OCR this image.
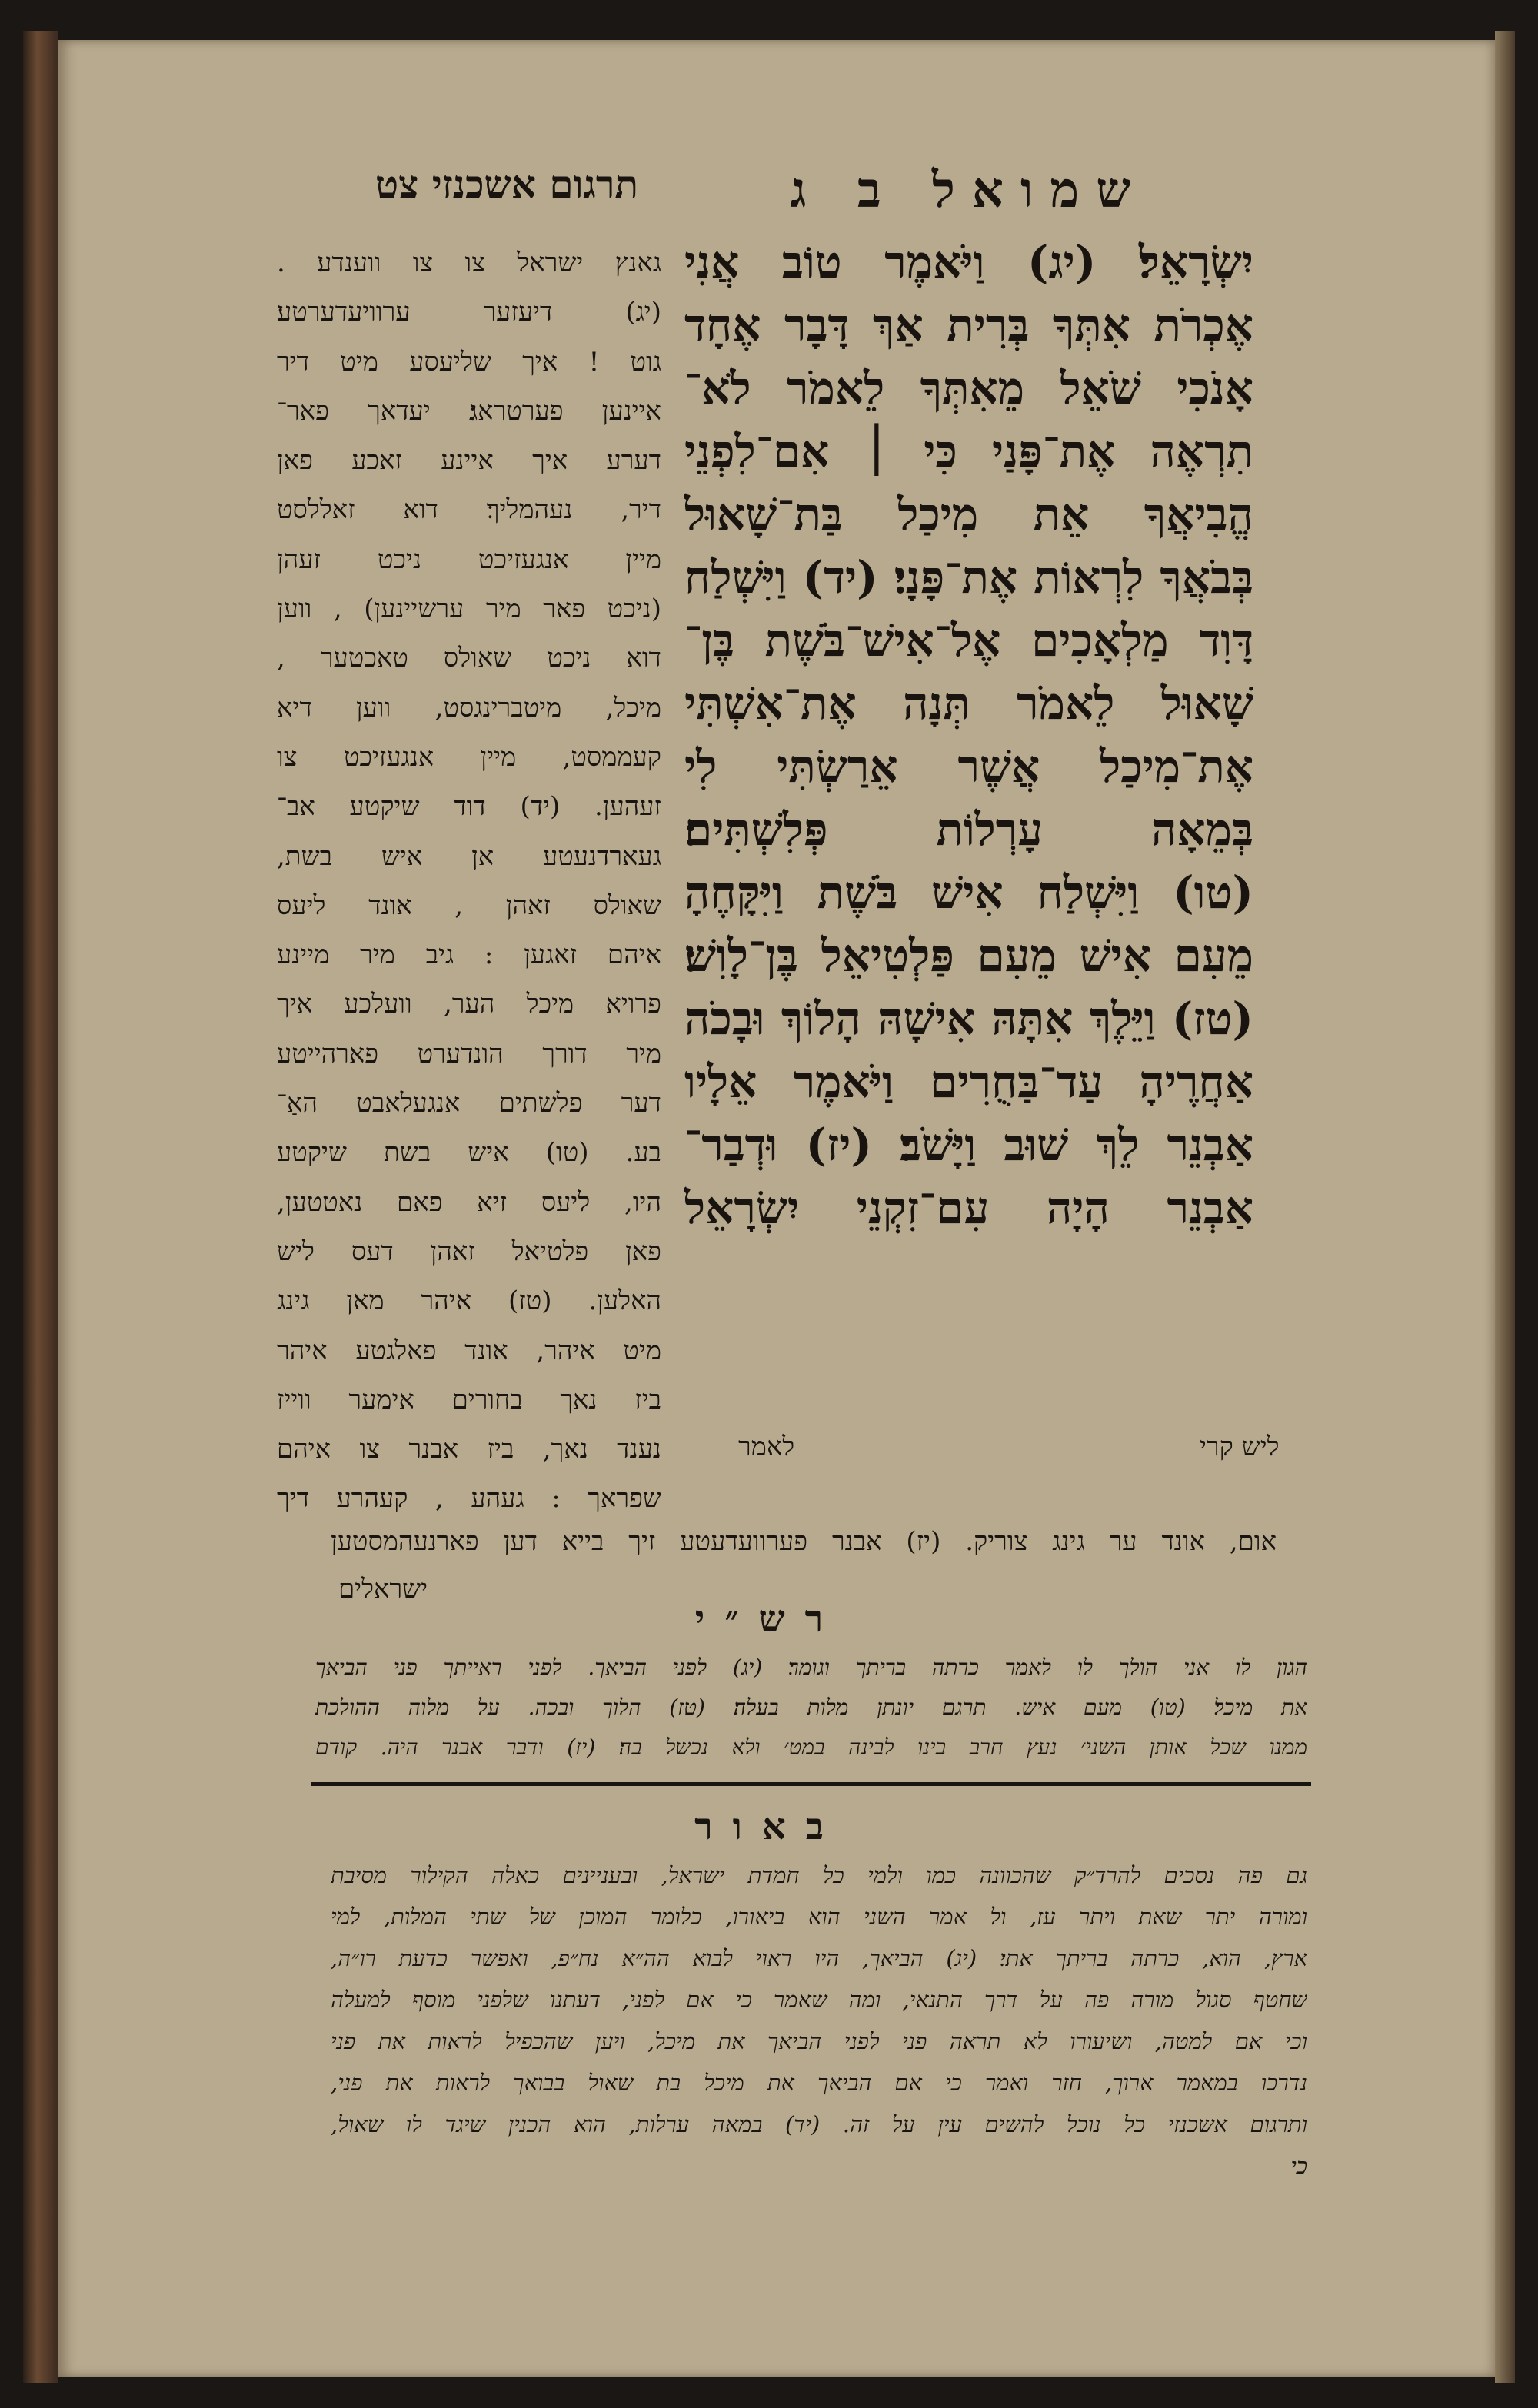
שמואל ב ג
תרגום אשכנזי צט
יִשְׂרָאֵל׃ (יג) וַיֹּאמֶר טוֹב אֲנִי
אֶכְרֹת אִתְּךָ בְּרִית אַךְ דָּבָר אֶחָד
אָנֹכִי שֹׁאֵל מֵאִתְּךָ לֵאמֹר לֹא־
תִרְאֶה אֶת־פָּנַי כִּי ׀ אִם־לִפְנֵי
הֱבִיאֲךָ אֵת מִיכַל בַּת־שָׁאוּל
בְּבֹאֲךָ לִרְאוֹת אֶת־פָּנָי׃ (יד) וַיִּשְׁלַח
דָּוִד מַלְאָכִים אֶל־אִישׁ־בֹּשֶׁת בֶּן־
שָׁאוּל לֵאמֹר תְּנָה אֶת־אִשְׁתִּי
אֶת־מִיכַל אֲשֶׁר אֵרַשְׂתִּי לִי
בְּמֵאָה עָרְלוֹת פְּלִשְׁתִּים׃
(טו) וַיִּשְׁלַח אִישׁ בֹּשֶׁת וַיִּקָּחֶהָ
מֵעִם אִישׁ מֵעִם פַּלְטִיאֵל בֶּן־לָוִשׁ׃
(טז) וַיֵּלֶךְ אִתָּהּ אִישָׁהּ הָלוֹךְ וּבָכֹה
אַחֲרֶיהָ עַד־בַּחֻרִים וַיֹּאמֶר אֵלָיו
אַבְנֵר לֵךְ שׁוּב וַיָּשֹׁב׃ (יז) וּדְבַר־
אַבְנֵר הָיָה עִם־זִקְנֵי יִשְׂרָאֵל
גאנץ ישראל צו צו ווענדע׃ .
(יג) דיעזער ערוויעדערטע׃
גוט ! איך שליעסע מיט דיר
איינען פערטראג׃ יעדאך פאר־
דערע איך איינע זאכע פאן
דיר, נעהמליך׃ דוא זאללסט
מיין אנגעזיכט ניכט זעהן
(ניכט פאר מיר ערשיינען) , ווען
דוא ניכט שאולס טאכטער ,
מיכל, מיטברינגסט, ווען דיא
קעממסט, מיין אנגעזיכט צו
זעהען. (יד) דוד שיקטע אב־
געארדנעטע אן איש בשת,
שאולס זאהן , אונד ליעס
איהם זאגען : גיב מיר מיינע
פרויא מיכל הער, וועלכע איך
מיר דורך הונדערט פארהייטע
דער פלשתים אנגעלאבט האַ־
בע. (טו) איש בשת שיקטע
היו, ליעס זיא פאם נאטטען,
פאן פלטיאל זאהן דעס ליש
האלען. (טז) איהר מאן גינג
מיט איהר, אונד פאלגטע איהר
ביז נאך בחורים אימער ווייז
נענד נאך, ביז אבנר צו איהם
שפראך : געהע , קעהרע דיך
ליש קרי
לאמר
אום, אונד ער גינג צוריק. (יז) אבנר פערוועדעטע זיך בייא דען פארנעהמסטען
ישראלים
רש״י
הגון לו אני הולך לו לאמר כרתה בריתך וגומר׃ (יג) לפני הביאך. לפני ראייתך פני הביאך
את מיכל׃ (טו) מעם איש. תרגם יונתן מלות בעלה׃ (טז) הלוך ובכה. על מלוה ההולכת
ממנו שכל אותן השני׳ נעץ חרב בינו לבינה במט׳ ולא נכשל בה׃ (יז) ודבר אבנר היה. קודם
באור
גם פה נסכים להרד״ק שהכוונה כמו ולמי כל חמדת ישראל, ובעניינים כאלה הקילור מסיבת
ומורה יתר שאת ויתר עז, ול אמר השני הוא ביאורו, כלומר המוכן של שתי המלות, למי
ארץ, הוא, כרתה בריתך אתי׃ (יג) הביאך, היו ראוי לבוא הה״א נח״פ, ואפשר כדעת רו״ה,
שחטף סגול מורה פה על דרך התנאי, ומה שאמר כי אם לפני, דעתנו שלפני מוסף למעלה
וכי אם למטה, ושיעורו לא תראה פני לפני הביאך את מיכל, ויען שהכפיל לראות את פני
נדרכו במאמר ארוך, חזר ואמר כי אם הביאך את מיכל בת שאול בבואך לראות את פני,
ותרגום אשכנזי כל נוכל להשים עין על זה. (יד) במאה ערלות, הוא הכנין שיגד לו שאול,
כי
